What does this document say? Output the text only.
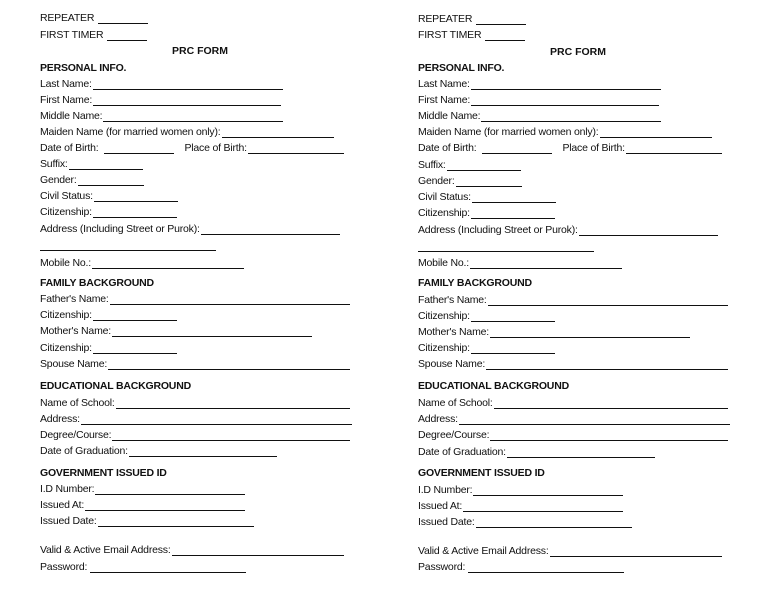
REPEATER
FIRST TIMER
PRC FORM
PERSONAL INFO.
Last Name:
First Name:
Middle Name:
Maiden Name (for married women only):
Date of Birth:	Place of Birth:
Suffix:
Gender:
Civil Status:
Citizenship:
Address (Including Street or Purok):
Mobile No.:
FAMILY BACKGROUND
Father's Name:
Citizenship:
Mother's Name:
Citizenship:
Spouse Name:
EDUCATIONAL BACKGROUND
Name of School:
Address:
Degree/Course:
Date of Graduation:
GOVERNMENT ISSUED ID
I.D Number:
Issued At:
Issued Date:
Valid & Active Email Address:
Password:
REPEATER
FIRST TIMER
PRC FORM
PERSONAL INFO.
Last Name:
First Name:
Middle Name:
Maiden Name (for married women only):
Date of Birth:	Place of Birth:
Suffix:
Gender:
Civil Status:
Citizenship:
Address (Including Street or Purok):
Mobile No.:
FAMILY BACKGROUND
Father's Name:
Citizenship:
Mother's Name:
Citizenship:
Spouse Name:
EDUCATIONAL BACKGROUND
Name of School:
Address:
Degree/Course:
Date of Graduation:
GOVERNMENT ISSUED ID
I.D Number:
Issued At:
Issued Date:
Valid & Active Email Address:
Password:
